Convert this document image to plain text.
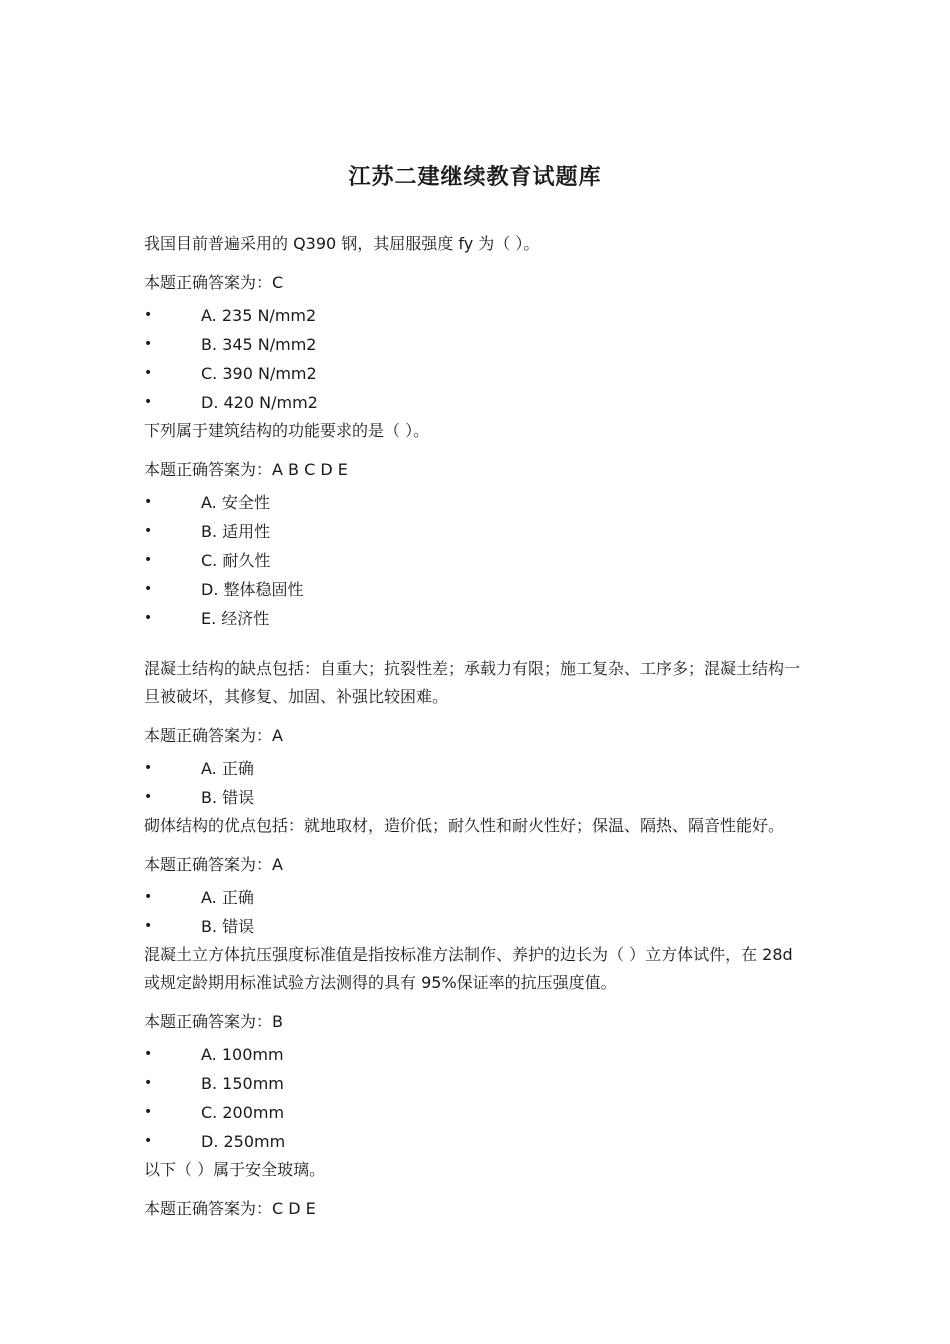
江苏二建继续教育试题库

我国目前普遍采用的 Q390 钢，其屈服强度 fy 为（ ）。

本题正确答案为：C

• A. 235 N/mm2
• B. 345 N/mm2
• C. 390 N/mm2
• D. 420 N/mm2

下列属于建筑结构的功能要求的是（ ）。

本题正确答案为：A B C D E

• A. 安全性
• B. 适用性
• C. 耐久性
• D. 整体稳固性
• E. 经济性

混凝土结构的缺点包括：自重大；抗裂性差；承载力有限；施工复杂、工序多；混凝土结构一旦被破坏，其修复、加固、补强比较困难。

本题正确答案为：A

• A. 正确
• B. 错误

砌体结构的优点包括：就地取材，造价低；耐久性和耐火性好；保温、隔热、隔音性能好。

本题正确答案为：A

• A. 正确
• B. 错误

混凝土立方体抗压强度标准值是指按标准方法制作、养护的边长为（ ）立方体试件，在 28d 或规定龄期用标准试验方法测得的具有 95%保证率的抗压强度值。

本题正确答案为：B

• A. 100mm
• B. 150mm
• C. 200mm
• D. 250mm

以下（ ）属于安全玻璃。

本题正确答案为：C D E
